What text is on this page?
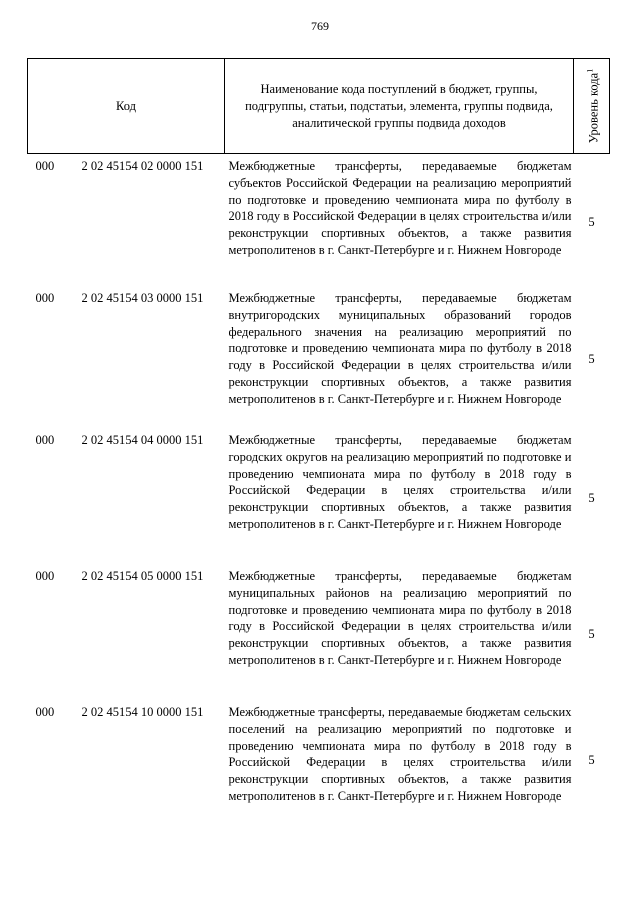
769
Код	Наименование кода поступлений в бюджет, группы, подгруппы, статьи, подстатьи, элемента, группы подвида, аналитической группы подвида доходов	Уровень кода$^1$

000 2 02 45154 02 0000 151	Межбюджетные трансферты, передаваемые бюджетам субъектов Российской Федерации на реализацию мероприятий по подготовке и проведению чемпионата мира по футболу в 2018 году в Российской Федерации в целях строительства и/или реконструкции спортивных объектов, а также развития метрополитенов в г. Санкт-Петербурге и г. Нижнем Новгороде	5
000 2 02 45154 03 0000 151	Межбюджетные трансферты, передаваемые бюджетам внутригородских муниципальных образований городов федерального значения на реализацию мероприятий по подготовке и проведению чемпионата мира по футболу в 2018 году в Российской Федерации в целях строительства и/или реконструкции спортивных объектов, а также развития метрополитенов в г. Санкт-Петербурге и г. Нижнем Новгороде	5
000 2 02 45154 04 0000 151	Межбюджетные трансферты, передаваемые бюджетам городских округов на реализацию мероприятий по подготовке и проведению чемпионата мира по футболу в 2018 году в Российской Федерации в целях строительства и/или реконструкции спортивных объектов, а также развития метрополитенов в г. Санкт-Петербурге и г. Нижнем Новгороде	5
000 2 02 45154 05 0000 151	Межбюджетные трансферты, передаваемые бюджетам муниципальных районов на реализацию мероприятий по подготовке и проведению чемпионата мира по футболу в 2018 году в Российской Федерации в целях строительства и/или реконструкции спортивных объектов, а также развития метрополитенов в г. Санкт-Петербурге и г. Нижнем Новгороде	5
000 2 02 45154 10 0000 151	Межбюджетные трансферты, передаваемые бюджетам сельских поселений на реализацию мероприятий по подготовке и проведению чемпионата мира по футболу в 2018 году в Российской Федерации в целях строительства и/или реконструкции спортивных объектов, а также развития метрополитенов в г. Санкт-Петербурге и г. Нижнем Новгороде	5
